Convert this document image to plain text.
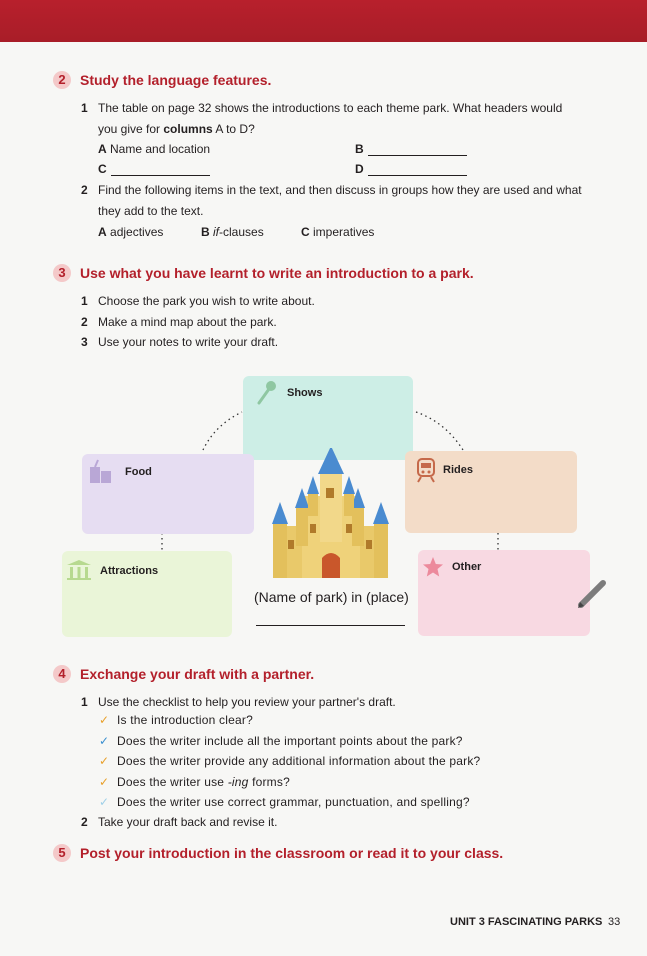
2	Study the language features.
1 The table on page 32 shows the introductions to each theme park. What headers would
you give for columns A to D?
A Name and location	B
C	D
2 Find the following items in the text, and then discuss in groups how they are used and what
they add to the text.
A adjectives	B if-clauses	C imperatives
3	Use what you have learnt to write an introduction to a park.
1 Choose the park you wish to write about.
2 Make a mind map about the park.
3 Use your notes to write your draft.
Shows
Food	Rides
Attractions	Other
(Name of park) in (place)
4	Exchange your draft with a partner.
1 Use the checklist to help you review your partner's draft.
✓ Is the introduction clear?
✓ Does the writer include all the important points about the park?
✓ Does the writer provide any additional information about the park?
✓ Does the writer use -ing forms?
✓ Does the writer use correct grammar, punctuation, and spelling?
2 Take your draft back and revise it.
5	Post your introduction in the classroom or read it to your class.
UNIT 3 FASCINATING PARKS 33
